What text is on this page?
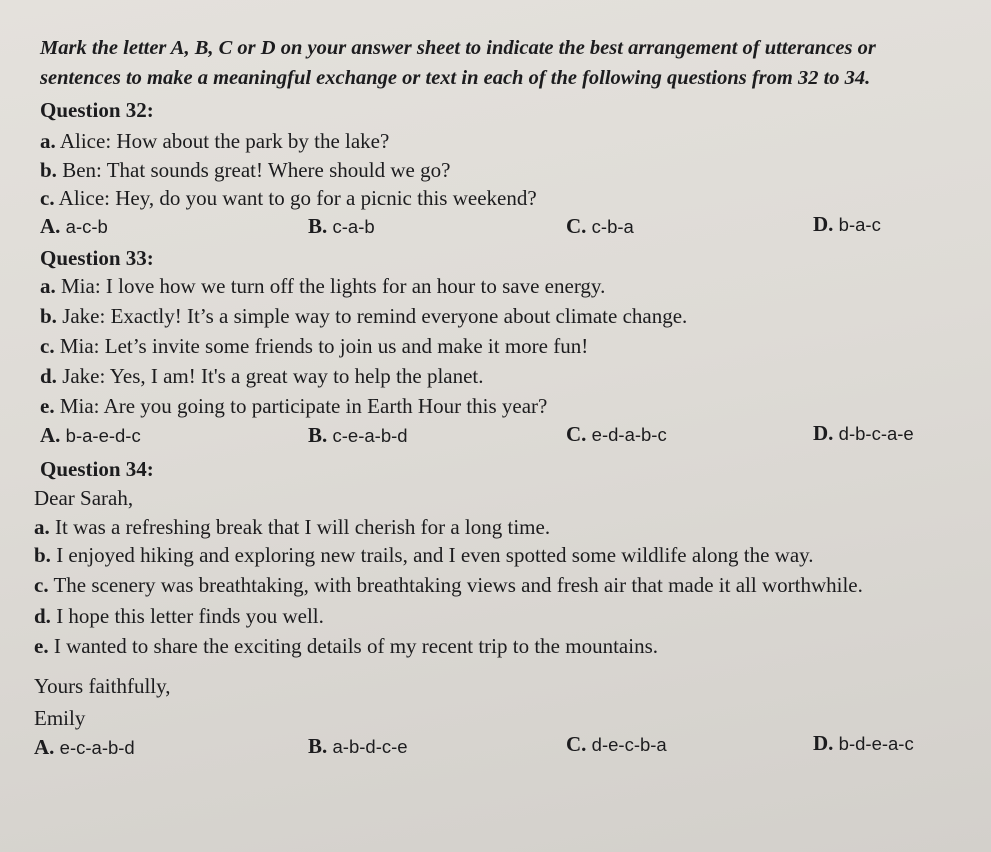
Mark the letter A, B, C or D on your answer sheet to indicate the best arrangement of utterances or
sentences to make a meaningful exchange or text in each of the following questions from 32 to 34.
Question 32:
a. Alice: How about the park by the lake?
b. Ben: That sounds great! Where should we go?
c. Alice: Hey, do you want to go for a picnic this weekend?
A. a-c-b	B. c-a-b	C. c-b-a	D. b-a-c
Question 33:
a. Mia: I love how we turn off the lights for an hour to save energy.
b. Jake: Exactly! It’s a simple way to remind everyone about climate change.
c. Mia: Let’s invite some friends to join us and make it more fun!
d. Jake: Yes, I am! It's a great way to help the planet.
e. Mia: Are you going to participate in Earth Hour this year?
A. b-a-e-d-c	B. c-e-a-b-d	C. e-d-a-b-c	D. d-b-c-a-e
Question 34:
Dear Sarah,
a. It was a refreshing break that I will cherish for a long time.
b. I enjoyed hiking and exploring new trails, and I even spotted some wildlife along the way.
c. The scenery was breathtaking, with breathtaking views and fresh air that made it all worthwhile.
d. I hope this letter finds you well.
e. I wanted to share the exciting details of my recent trip to the mountains.
Yours faithfully,
Emily
A. e-c-a-b-d	B. a-b-d-c-e	C. d-e-c-b-a	D. b-d-e-a-c
